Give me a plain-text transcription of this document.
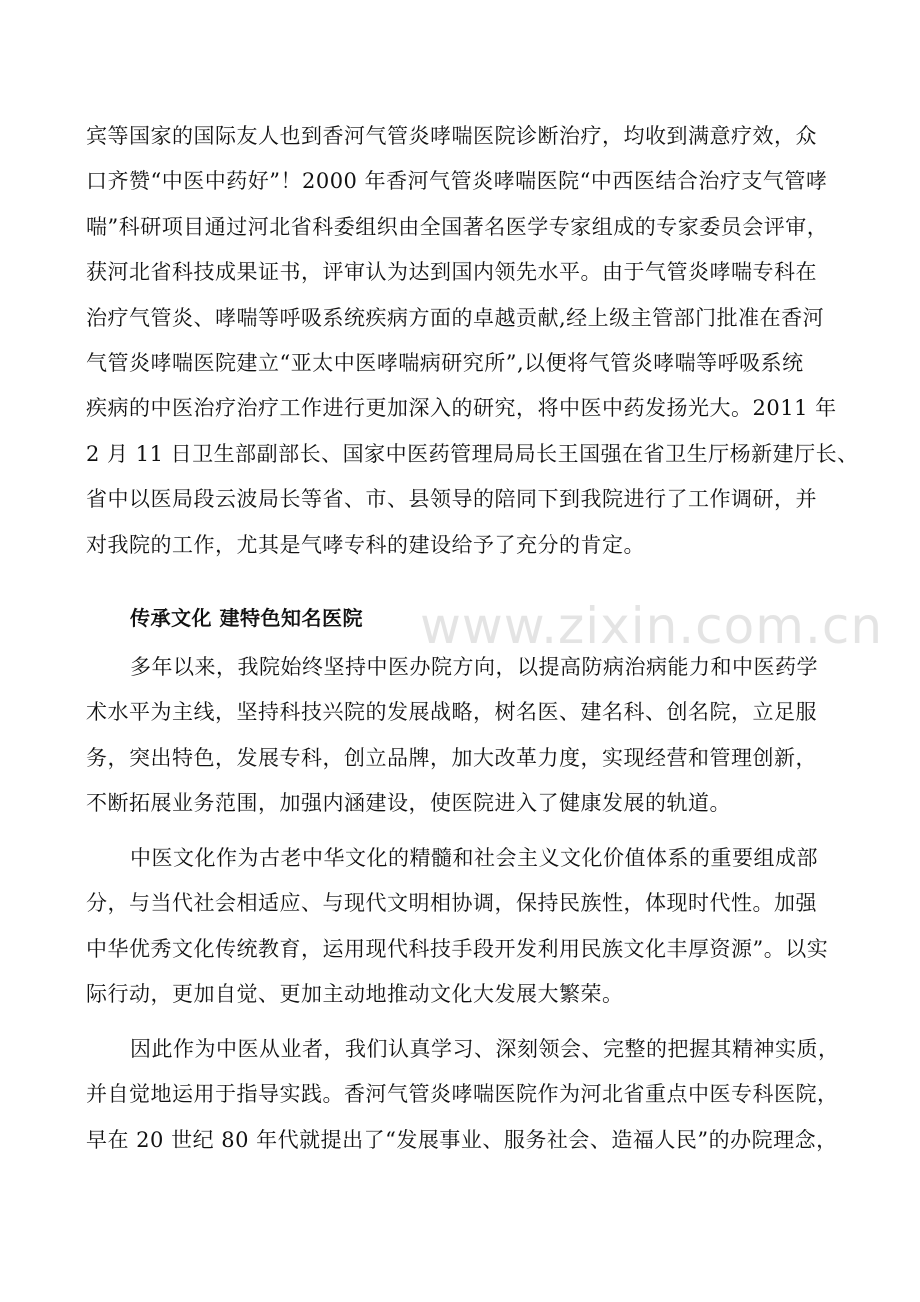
www.zixin.com.cn
宾等国家的国际友人也到香河气管炎哮喘医院诊断治疗，均收到满意疗效，众
口齐赞“中医中药好”！2000 年香河气管炎哮喘医院“中西医结合治疗支气管哮
喘”科研项目通过河北省科委组织由全国著名医学专家组成的专家委员会评审，
获河北省科技成果证书，评审认为达到国内领先水平。由于气管炎哮喘专科在
治疗气管炎、哮喘等呼吸系统疾病方面的卓越贡献,经上级主管部门批准在香河
气管炎哮喘医院建立“亚太中医哮喘病研究所”,以便将气管炎哮喘等呼吸系统
疾病的中医治疗治疗工作进行更加深入的研究，将中医中药发扬光大。2011 年
2 月 11 日卫生部副部长、国家中医药管理局局长王国强在省卫生厅杨新建厅长、
省中以医局段云波局长等省、市、县领导的陪同下到我院进行了工作调研，并
对我院的工作，尤其是气哮专科的建设给予了充分的肯定。
传承文化 建特色知名医院
多年以来，我院始终坚持中医办院方向，以提高防病治病能力和中医药学
术水平为主线，坚持科技兴院的发展战略，树名医、建名科、创名院，立足服
务，突出特色，发展专科，创立品牌，加大改革力度，实现经营和管理创新，
不断拓展业务范围，加强内涵建设，使医院进入了健康发展的轨道。
中医文化作为古老中华文化的精髓和社会主义文化价值体系的重要组成部
分，与当代社会相适应、与现代文明相协调，保持民族性，体现时代性。加强
中华优秀文化传统教育，运用现代科技手段开发利用民族文化丰厚资源”。以实
际行动，更加自觉、更加主动地推动文化大发展大繁荣。
因此作为中医从业者，我们认真学习、深刻领会、完整的把握其精神实质，
并自觉地运用于指导实践。香河气管炎哮喘医院作为河北省重点中医专科医院，
早在 20 世纪 80 年代就提出了“发展事业、服务社会、造福人民”的办院理念，
